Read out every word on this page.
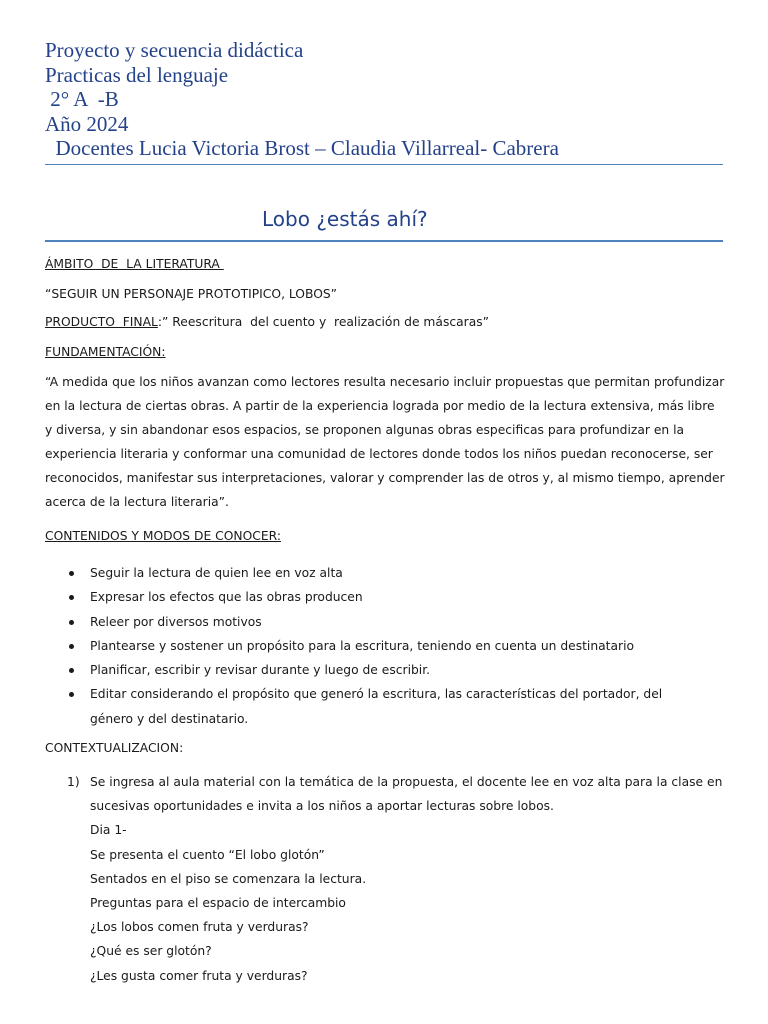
Proyecto y secuencia didáctica
Practicas del lenguaje
2° A  -B
Año 2024
Docentes Lucia Victoria Brost – Claudia Villarreal- Cabrera
Lobo ¿estás ahí?
ÁMBITO  DE  LA LITERATURA
“SEGUIR UN PERSONAJE PROTOTIPICO, LOBOS”
PRODUCTO  FINAL:” Reescritura  del cuento y  realización de máscaras”
FUNDAMENTACIÓN:
“A medida que los niños avanzan como lectores resulta necesario incluir propuestas que permitan profundizar en la lectura de ciertas obras. A partir de la experiencia lograda por medio de la lectura extensiva, más libre y diversa, y sin abandonar esos espacios, se proponen algunas obras especificas para profundizar en la experiencia literaria y conformar una comunidad de lectores donde todos los niños puedan reconocerse, ser reconocidos, manifestar sus interpretaciones, valorar y comprender las de otros y, al mismo tiempo, aprender acerca de la lectura literaria”.
CONTENIDOS Y MODOS DE CONOCER:
Seguir la lectura de quien lee en voz alta
Expresar los efectos que las obras producen
Releer por diversos motivos
Plantearse y sostener un propósito para la escritura, teniendo en cuenta un destinatario
Planificar, escribir y revisar durante y luego de escribir.
Editar considerando el propósito que generó la escritura, las características del portador, del género y del destinatario.
CONTEXTUALIZACION:
1) Se ingresa al aula material con la temática de la propuesta, el docente lee en voz alta para la clase en sucesivas oportunidades e invita a los niños a aportar lecturas sobre lobos.
Dia 1-
Se presenta el cuento “El lobo glotón”
Sentados en el piso se comenzara la lectura.
Preguntas para el espacio de intercambio
¿Los lobos comen fruta y verduras?
¿Qué es ser glotón?
¿Les gusta comer fruta y verduras?
